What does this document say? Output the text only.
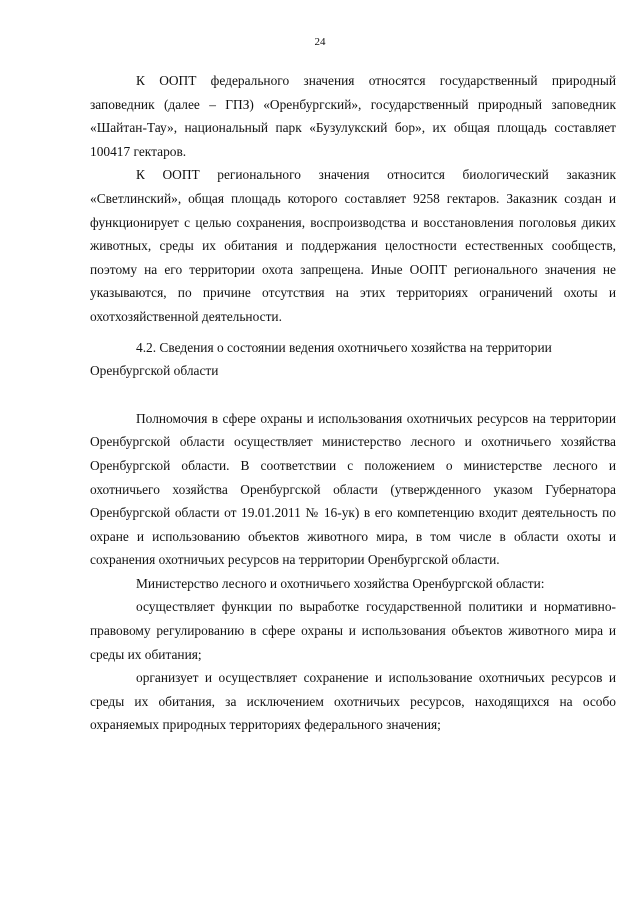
24

К ООПТ федерального значения относятся государственный природный заповедник (далее – ГПЗ) «Оренбургский», государственный природный заповедник «Шайтан-Тау», национальный парк «Бузулукский бор», их общая площадь составляет 100417 гектаров.

К ООПТ регионального значения относится биологический заказник «Светлинский», общая площадь которого составляет 9258 гектаров. Заказник создан и функционирует с целью сохранения, воспроизводства и восстановления поголовья диких животных, среды их обитания и поддержания целостности естественных сообществ, поэтому на его территории охота запрещена. Иные ООПТ регионального значения не указываются, по причине отсутствия на этих территориях ограничений охоты и охотхозяйственной деятельности.

4.2. Сведения о состоянии ведения охотничьего хозяйства на территории
Оренбургской области

Полномочия в сфере охраны и использования охотничьих ресурсов на территории Оренбургской области осуществляет министерство лесного и охотничьего хозяйства Оренбургской области. В соответствии с положением о министерстве лесного и охотничьего хозяйства Оренбургской области (утвержденного указом Губернатора Оренбургской области от 19.01.2011 № 16-ук) в его компетенцию входит деятельность по охране и использованию объектов животного мира, в том числе в области охоты и сохранения охотничьих ресурсов на территории Оренбургской области.

Министерство лесного и охотничьего хозяйства Оренбургской области:

осуществляет функции по выработке государственной политики и нормативно-правовому регулированию в сфере охраны и использования объектов животного мира и среды их обитания;

организует и осуществляет сохранение и использование охотничьих ресурсов и среды их обитания, за исключением охотничьих ресурсов, находящихся на особо охраняемых природных территориях федерального значения;
